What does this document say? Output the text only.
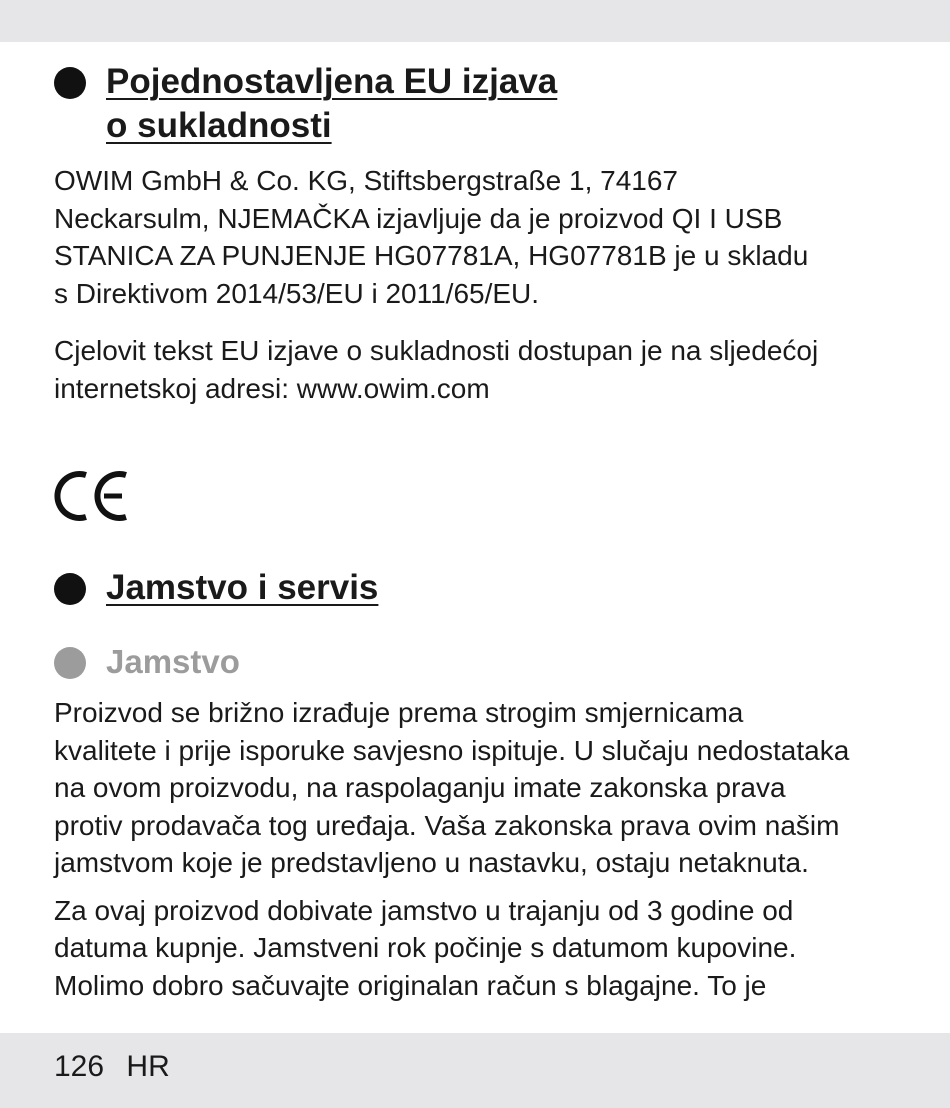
Pojednostavljena EU izjava
o sukladnosti

OWIM GmbH & Co. KG, Stiftsbergstraße 1, 74167
Neckarsulm, NJEMAČKA izjavljuje da je proizvod QI I USB
STANICA ZA PUNJENJE HG07781A, HG07781B je u skladu
s Direktivom 2014/53/EU i 2011/65/EU.

Cjelovit tekst EU izjave o sukladnosti dostupan je na sljedećoj
internetskoj adresi: www.owim.com

Jamstvo i servis
Jamstvo

Proizvod se brižno izrađuje prema strogim smjernicama
kvalitete i prije isporuke savjesno ispituje. U slučaju nedostataka
na ovom proizvodu, na raspolaganju imate zakonska prava
protiv prodavača tog uređaja. Vaša zakonska prava ovim našim
jamstvom koje je predstavljeno u nastavku, ostaju netaknuta.

Za ovaj proizvod dobivate jamstvo u trajanju od 3 godine od
datuma kupnje. Jamstveni rok počinje s datumom kupovine.
Molimo dobro sačuvajte originalan račun s blagajne. To je

126 HR
